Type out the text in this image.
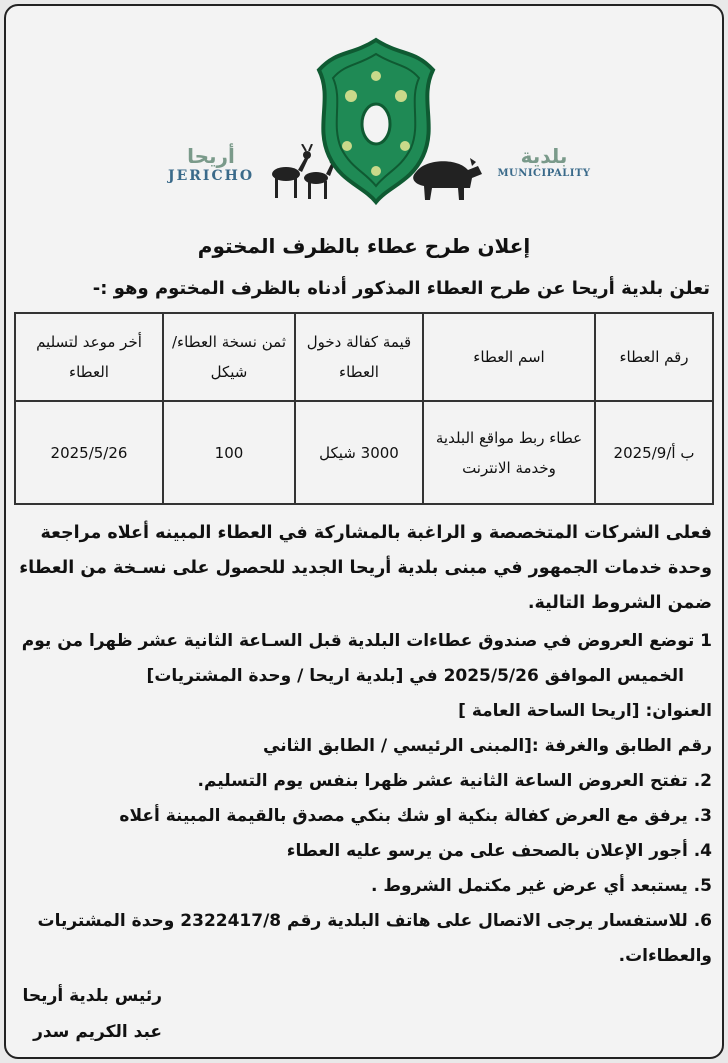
أريحا
JERICHO
بلدية
MUNICIPALITY
إعلان طرح عطاء بالظرف المختوم
تعلن بلدية أريحا عن طرح العطاء المذكور أدناه بالظرف المختوم وهو :-
رقم العطاء	اسم العطاء	قيمة كفالة دخول العطاء	ثمن نسخة العطاء/شيكل	أخر موعد لتسليم العطاء
ب أ/2025/9	عطاء ربط مواقع البلدية وخدمة الانترنت	3000 شيكل	100	2025/5/26

فعلى الشركات المتخصصة و الراغبة بالمشاركة في العطاء المبينه أعلاه مراجعة وحدة خدمات الجمهور في مبنى بلدية أريحا الجديد للحصول على نسـخة من العطاء ضمن الشروط التالية.

1 توضع العروض في صندوق عطاءات البلدية قبل السـاعة الثانية عشر ظهرا من يوم
الخميس الموافق 2025/5/26 في [بلدية اريحا / وحدة المشتريات]
العنوان: [اريحا الساحة العامة ]
رقم الطابق والغرفة :[المبنى الرئيسي / الطابق الثاني
2. تفتح العروض الساعة الثانية عشر ظهرا بنفس يوم التسليم.
3. يرفق مع العرض كفالة بنكية او شك بنكي مصدق بالقيمة المبينة أعلاه
4. أجور الإعلان بالصحف على من يرسو عليه العطاء
5. يستبعد أي عرض غير مكتمل الشروط .
6. للاستفسار يرجى الاتصال على هاتف البلدية رقم 2322417/8 وحدة المشتريات
والعطاءات.
رئيس بلدية أريحا
عبد الكريم سدر
